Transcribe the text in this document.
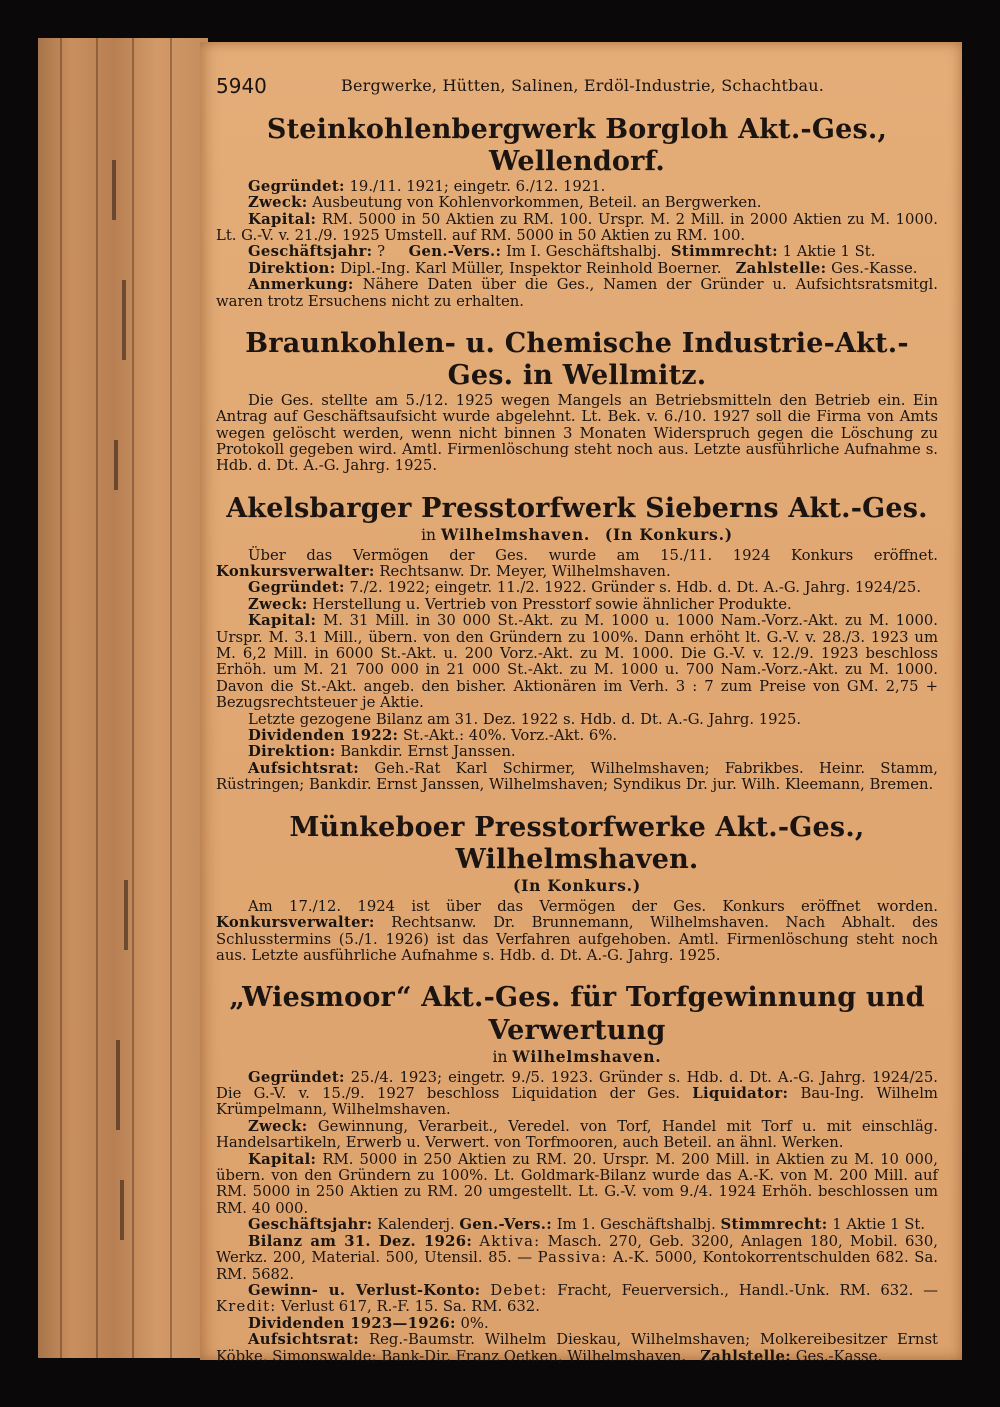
5940	Bergwerke, Hütten, Salinen, Erdöl-Industrie, Schachtbau.
Steinkohlenbergwerk Borgloh Akt.-Ges., Wellendorf.

Gegründet: 19./11. 1921; eingetr. 6./12. 1921.

Zweck: Ausbeutung von Kohlenvorkommen, Beteil. an Bergwerken.

Kapital: RM. 5000 in 50 Aktien zu RM. 100. Urspr. M. 2 Mill. in 2000 Aktien zu M. 1000. Lt. G.-V. v. 21./9. 1925 Umstell. auf RM. 5000 in 50 Aktien zu RM. 100.

Geschäftsjahr: ? Gen.-Vers.: Im I. Geschäftshalbj. Stimmrecht: 1 Aktie 1 St.

Direktion: Dipl.-Ing. Karl Müller, Inspektor Reinhold Boerner. Zahlstelle: Ges.-Kasse.

Anmerkung: Nähere Daten über die Ges., Namen der Gründer u. Aufsichtsratsmitgl. waren trotz Ersuchens nicht zu erhalten.

Braunkohlen- u. Chemische Industrie-Akt.-Ges. in Wellmitz.

Die Ges. stellte am 5./12. 1925 wegen Mangels an Betriebsmitteln den Betrieb ein. Ein Antrag auf Geschäftsaufsicht wurde abgelehnt. Lt. Bek. v. 6./10. 1927 soll die Firma von Amts wegen gelöscht werden, wenn nicht binnen 3 Monaten Widerspruch gegen die Löschung zu Protokoll gegeben wird. Amtl. Firmenlöschung steht noch aus. Letzte ausführliche Aufnahme s. Hdb. d. Dt. A.-G. Jahrg. 1925.

Akelsbarger Presstorfwerk Sieberns Akt.-Ges.
in Wilhelmshaven. (In Konkurs.)

Über das Vermögen der Ges. wurde am 15./11. 1924 Konkurs eröffnet. Konkursverwalter: Rechtsanw. Dr. Meyer, Wilhelmshaven.

Gegründet: 7./2. 1922; eingetr. 11./2. 1922. Gründer s. Hdb. d. Dt. A.-G. Jahrg. 1924/25.

Zweck: Herstellung u. Vertrieb von Presstorf sowie ähnlicher Produkte.

Kapital: M. 31 Mill. in 30 000 St.-Akt. zu M. 1000 u. 1000 Nam.-Vorz.-Akt. zu M. 1000. Urspr. M. 3.1 Mill., übern. von den Gründern zu 100%. Dann erhöht lt. G.-V. v. 28./3. 1923 um M. 6,2 Mill. in 6000 St.-Akt. u. 200 Vorz.-Akt. zu M. 1000. Die G.-V. v. 12./9. 1923 beschloss Erhöh. um M. 21 700 000 in 21 000 St.-Akt. zu M. 1000 u. 700 Nam.-Vorz.-Akt. zu M. 1000. Davon die St.-Akt. angeb. den bisher. Aktionären im Verh. 3 : 7 zum Preise von GM. 2,75 + Bezugsrechtsteuer je Aktie.

Letzte gezogene Bilanz am 31. Dez. 1922 s. Hdb. d. Dt. A.-G. Jahrg. 1925.

Dividenden 1922: St.-Akt.: 40%. Vorz.-Akt. 6%.

Direktion: Bankdir. Ernst Janssen.

Aufsichtsrat: Geh.-Rat Karl Schirmer, Wilhelmshaven; Fabrikbes. Heinr. Stamm, Rüstringen; Bankdir. Ernst Janssen, Wilhelmshaven; Syndikus Dr. jur. Wilh. Kleemann, Bremen.

Münkeboer Presstorfwerke Akt.-Ges., Wilhelmshaven.
(In Konkurs.)

Am 17./12. 1924 ist über das Vermögen der Ges. Konkurs eröffnet worden. Konkursverwalter: Rechtsanw. Dr. Brunnemann, Wilhelmshaven. Nach Abhalt. des Schlusstermins (5./1. 1926) ist das Verfahren aufgehoben. Amtl. Firmenlöschung steht noch aus. Letzte ausführliche Aufnahme s. Hdb. d. Dt. A.-G. Jahrg. 1925.

„Wiesmoor“ Akt.-Ges. für Torfgewinnung und Verwertung
in Wilhelmshaven.

Gegründet: 25./4. 1923; eingetr. 9./5. 1923. Gründer s. Hdb. d. Dt. A.-G. Jahrg. 1924/25. Die G.-V. v. 15./9. 1927 beschloss Liquidation der Ges. Liquidator: Bau-Ing. Wilhelm Krümpelmann, Wilhelmshaven.

Zweck: Gewinnung, Verarbeit., Veredel. von Torf, Handel mit Torf u. mit einschläg. Handelsartikeln, Erwerb u. Verwert. von Torfmooren, auch Beteil. an ähnl. Werken.

Kapital: RM. 5000 in 250 Aktien zu RM. 20. Urspr. M. 200 Mill. in Aktien zu M. 10 000, übern. von den Gründern zu 100%. Lt. Goldmark-Bilanz wurde das A.-K. von M. 200 Mill. auf RM. 5000 in 250 Aktien zu RM. 20 umgestellt. Lt. G.-V. vom 9./4. 1924 Erhöh. beschlossen um RM. 40 000.

Geschäftsjahr: Kalenderj. Gen.-Vers.: Im 1. Geschäftshalbj. Stimmrecht: 1 Aktie 1 St.

Bilanz am 31. Dez. 1926: Aktiva: Masch. 270, Geb. 3200, Anlagen 180, Mobil. 630, Werkz. 200, Material. 500, Utensil. 85. — Passiva: A.-K. 5000, Kontokorrentschulden 682. Sa. RM. 5682.

Gewinn- u. Verlust-Konto: Debet: Fracht, Feuerversich., Handl.-Unk. RM. 632. — Kredit: Verlust 617, R.-F. 15. Sa. RM. 632.

Dividenden 1923—1926: 0%.

Aufsichtsrat: Reg.-Baumstr. Wilhelm Dieskau, Wilhelmshaven; Molkereibesitzer Ernst Köbke, Simonswalde; Bank-Dir. Franz Oetken, Wilhelmshaven. Zahlstelle: Ges.-Kasse.
